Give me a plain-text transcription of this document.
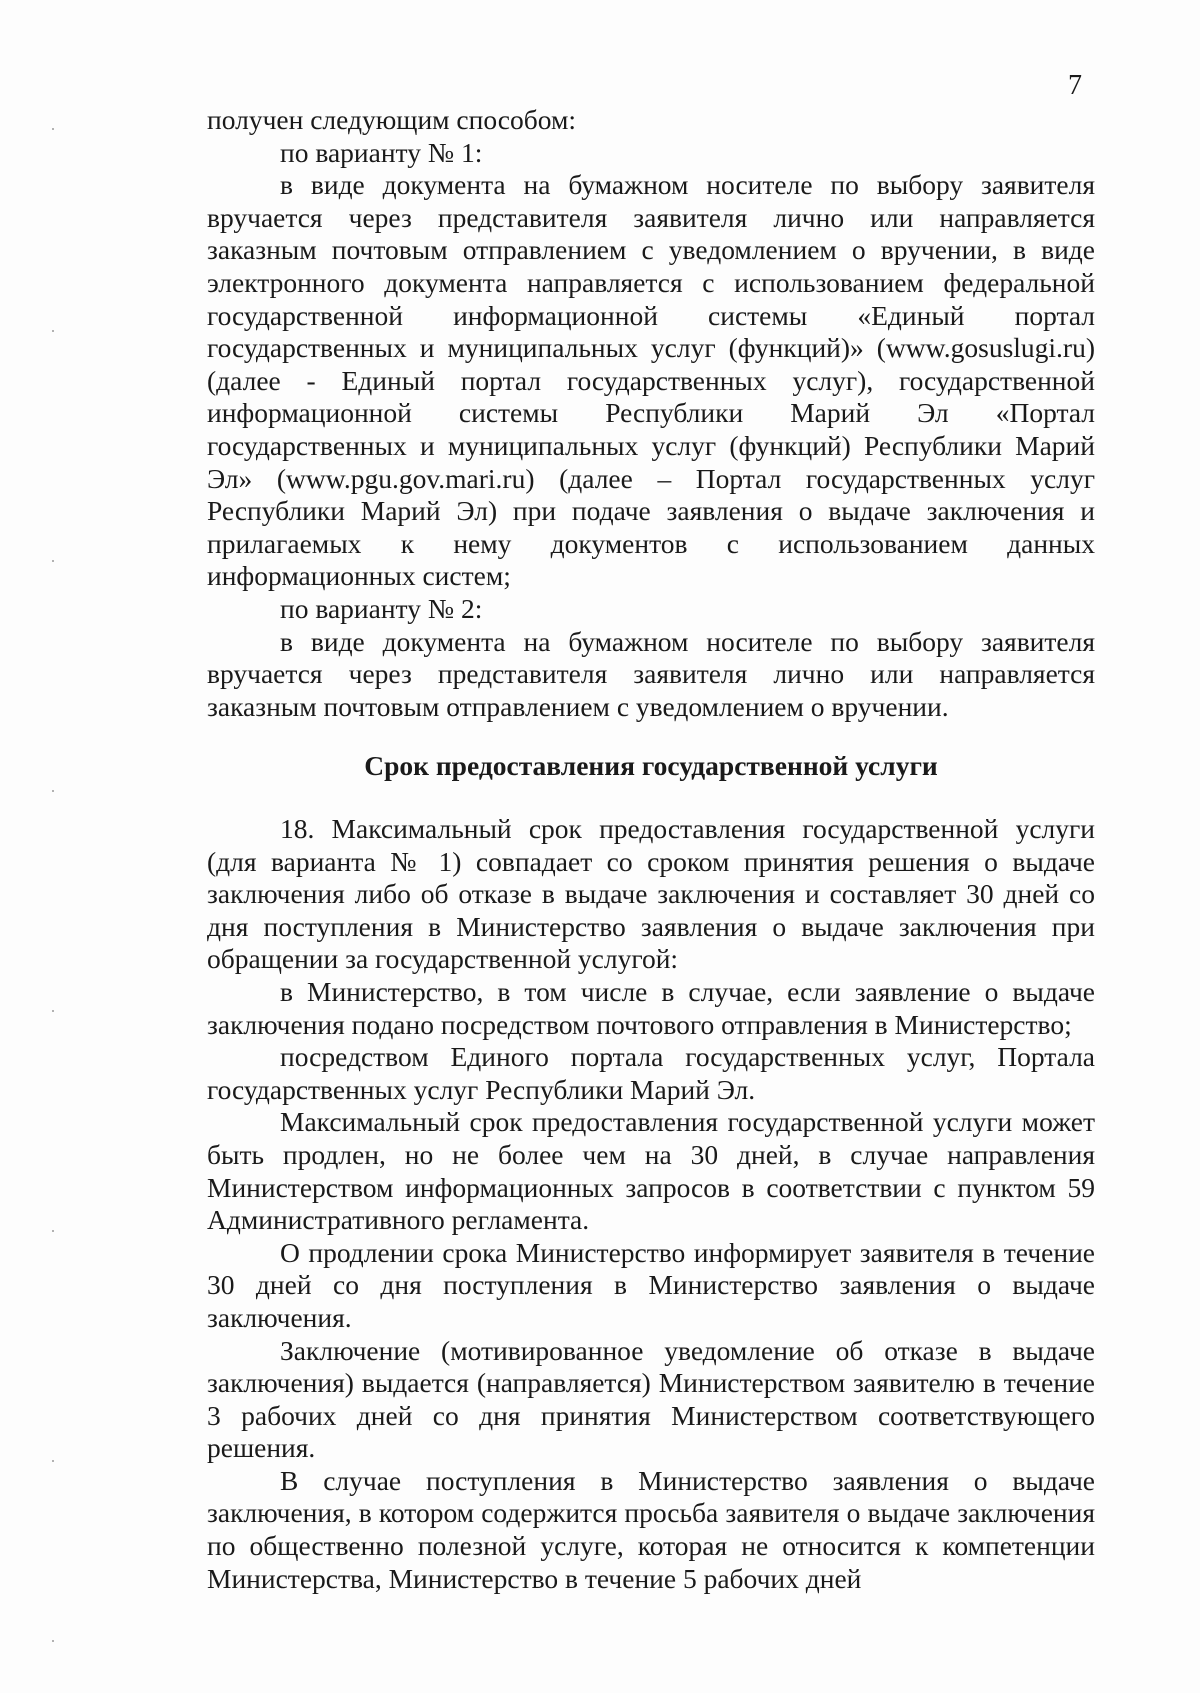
7

получен следующим способом:

по варианту № 1:

в виде документа на бумажном носителе по выбору заявителя вручается через представителя заявителя лично или направляется заказным почтовым отправлением с уведомлением о вручении, в виде электронного документа направляется с использованием федеральной государственной информационной системы «Единый портал государственных и муниципальных услуг (функций)» (www.gosuslugi.ru) (далее - Единый портал государственных услуг), государственной информационной системы Республики Марий Эл «Портал государственных и муниципальных услуг (функций) Республики Марий Эл» (www.pgu.gov.mari.ru) (далее – Портал государственных услуг Республики Марий Эл) при подаче заявления о выдаче заключения и прилагаемых к нему документов с использованием данных информационных систем;

по варианту № 2:

в виде документа на бумажном носителе по выбору заявителя вручается через представителя заявителя лично или направляется заказным почтовым отправлением с уведомлением о вручении.

Срок предоставления государственной услуги

18. Максимальный срок предоставления государственной услуги (для варианта № 1) совпадает со сроком принятия решения о выдаче заключения либо об отказе в выдаче заключения и составляет 30 дней со дня поступления в Министерство заявления о выдаче заключения при обращении за государственной услугой:

в Министерство, в том числе в случае, если заявление о выдаче заключения подано посредством почтового отправления в Министерство;

посредством Единого портала государственных услуг, Портала государственных услуг Республики Марий Эл.

Максимальный срок предоставления государственной услуги может быть продлен, но не более чем на 30 дней, в случае направления Министерством информационных запросов в соответствии с пунктом 59 Административного регламента.

О продлении срока Министерство информирует заявителя в течение 30 дней со дня поступления в Министерство заявления о выдаче заключения.

Заключение (мотивированное уведомление об отказе в выдаче заключения) выдается (направляется) Министерством заявителю в течение 3 рабочих дней со дня принятия Министерством соответствующего решения.

В случае поступления в Министерство заявления о выдаче заключения, в котором содержится просьба заявителя о выдаче заключения по общественно полезной услуге, которая не относится к компетенции Министерства, Министерство в течение 5 рабочих дней
